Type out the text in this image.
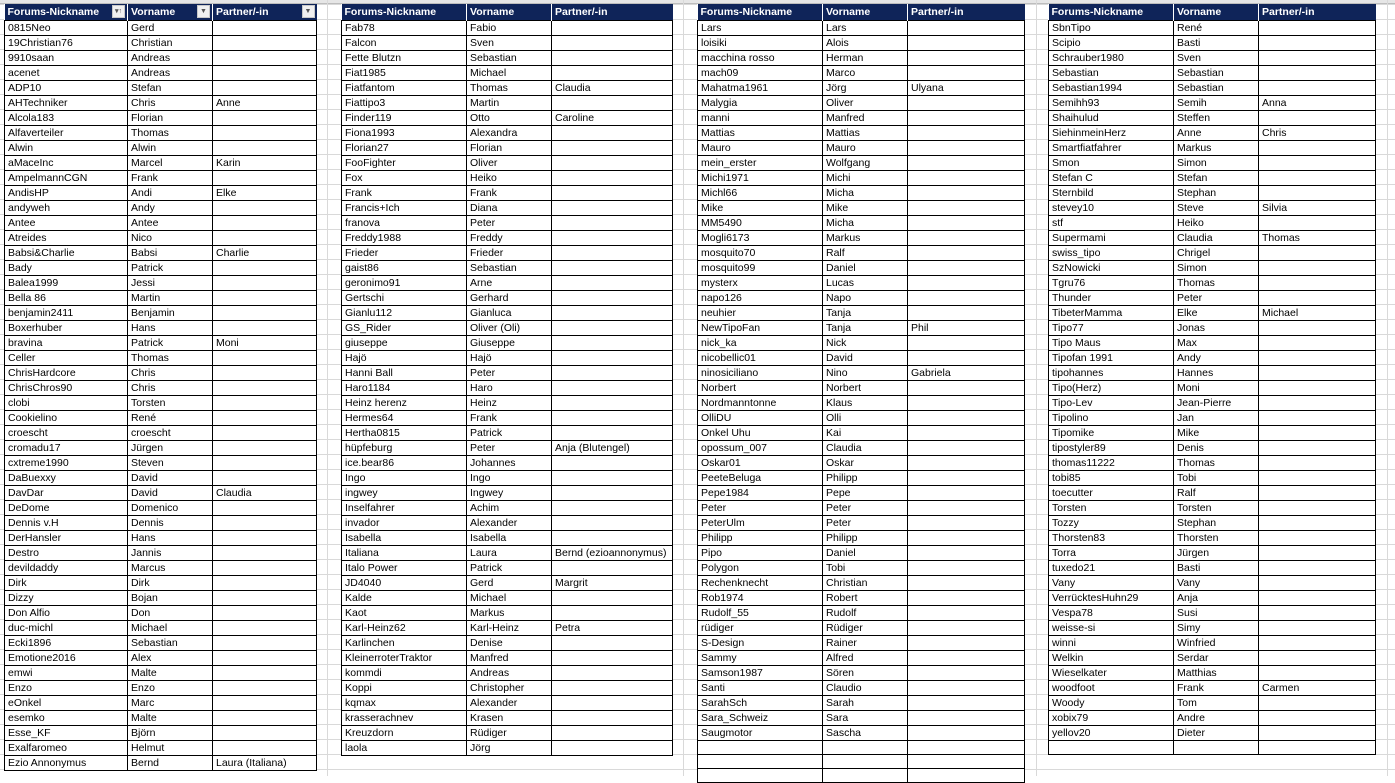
Forums-Nickname ▾↑	Vorname ▼	Partner/-in ▼

0815Neo	Gerd	
19Christian76	Christian	
9910saan	Andreas	
acenet	Andreas	
ADP10	Stefan	
AHTechniker	Chris	Anne
Alcola183	Florian	
Alfaverteiler	Thomas	
Alwin	Alwin	
aMaceInc	Marcel	Karin
AmpelmannCGN	Frank	
AndisHP	Andi	Elke
andyweh	Andy	
Antee	Antee	
Atreides	Nico	
Babsi&Charlie	Babsi	Charlie
Bady	Patrick	
Balea1999	Jessi	
Bella 86	Martin	
benjamin2411	Benjamin	
Boxerhuber	Hans	
bravina	Patrick	Moni
Celler	Thomas	
ChrisHardcore	Chris	
ChrisChros90	Chris	
clobi	Torsten	
Cookielino	René	
croescht	croescht	
cromadu17	Jürgen	
cxtreme1990	Steven	
DaBuexxy	David	
DavDar	David	Claudia
DeDome	Domenico	
Dennis v.H	Dennis	
DerHansler	Hans	
Destro	Jannis	
devildaddy	Marcus	
Dirk	Dirk	
Dizzy	Bojan	
Don Alfio	Don	
duc-michl	Michael	
Ecki1896	Sebastian	
Emotione2016	Alex	
emwi	Malte	
Enzo	Enzo	
eOnkel	Marc	
esemko	Malte	
Esse_KF	Björn	
Exalfaromeo	Helmut	
Ezio Annonymus	Bernd	Laura (Italiana)
Forums-Nickname	Vorname	Partner/-in
Fab78	Fabio	
Falcon	Sven	
Fette Blutzn	Sebastian	
Fiat1985	Michael	
Fiatfantom	Thomas	Claudia
Fiattipo3	Martin	
Finder119	Otto	Caroline
Fiona1993	Alexandra	
Florian27	Florian	
FooFighter	Oliver	
Fox	Heiko	
Frank	Frank	
Francis+Ich	Diana	
franova	Peter	
Freddy1988	Freddy	
Frieder	Frieder	
gaist86	Sebastian	
geronimo91	Arne	
Gertschi	Gerhard	
Gianlu112	Gianluca	
GS_Rider	Oliver (Oli)	
giuseppe	Giuseppe	
Hajö	Hajö	
Hanni Ball	Peter	
Haro1184	Haro	
Heinz herenz	Heinz	
Hermes64	Frank	
Hertha0815	Patrick	
hüpfeburg	Peter	Anja (Blutengel)
ice.bear86	Johannes	
Ingo	Ingo	
ingwey	Ingwey	
Inselfahrer	Achim	
invador	Alexander	
Isabella	Isabella	
Italiana	Laura	Bernd (ezioannonymus)
Italo Power	Patrick	
JD4040	Gerd	Margrit
Kalde	Michael	
Kaot	Markus	
Karl-Heinz62	Karl-Heinz	Petra
Karlinchen	Denise	
KleinerroterTraktor	Manfred	
kommdi	Andreas	
Koppi	Christopher	
kqmax	Alexander	
krasserachnev	Krasen	
Kreuzdorn	Rüdiger	
laola	Jörg	
Forums-Nickname	Vorname	Partner/-in
Lars	Lars	
loisiki	Alois	
macchina rosso	Herman	
mach09	Marco	
Mahatma1961	Jörg	Ulyana
Malygia	Oliver	
manni	Manfred	
Mattias	Mattias	
Mauro	Mauro	
mein_erster	Wolfgang	
Michi1971	Michi	
Michl66	Micha	
Mike	Mike	
MM5490	Micha	
Mogli6173	Markus	
mosquito70	Ralf	
mosquito99	Daniel	
mysterx	Lucas	
napo126	Napo	
neuhier	Tanja	
NewTipoFan	Tanja	Phil
nick_ka	Nick	
nicobellic01	David	
ninosiciliano	Nino	Gabriela
Norbert	Norbert	
Nordmanntonne	Klaus	
OlliDU	Olli	
Onkel Uhu	Kai	
opossum_007	Claudia	
Oskar01	Oskar	
PeeteBeluga	Philipp	
Pepe1984	Pepe	
Peter	Peter	
PeterUlm	Peter	
Philipp	Philipp	
Pipo	Daniel	
Polygon	Tobi	
Rechenknecht	Christian	
Rob1974	Robert	
Rudolf_55	Rudolf	
rüdiger	Rüdiger	
S-Design	Rainer	
Sammy	Alfred	
Samson1987	Sören	
Santi	Claudio	
SarahSch	Sarah	
Sara_Schweiz	Sara	
Saugmotor	Sascha	

Forums-Nickname	Vorname	Partner/-in
SbnTipo	René	
Scipio	Basti	
Schrauber1980	Sven	
Sebastian	Sebastian	
Sebastian1994	Sebastian	
Semihh93	Semih	Anna
Shaihulud	Steffen	
SiehinmeinHerz	Anne	Chris
Smartfiatfahrer	Markus	
Smon	Simon	
Stefan C	Stefan	
Sternbild	Stephan	
stevey10	Steve	Silvia
stf	Heiko	
Supermami	Claudia	Thomas
swiss_tipo	Chrigel	
SzNowicki	Simon	
Tgru76	Thomas	
Thunder	Peter	
TibeterMamma	Elke	Michael
Tipo77	Jonas	
Tipo Maus	Max	
Tipofan 1991	Andy	
tipohannes	Hannes	
Tipo(Herz)	Moni	
Tipo-Lev	Jean-Pierre	
Tipolino	Jan	
Tipomike	Mike	
tipostyler89	Denis	
thomas11222	Thomas	
tobi85	Tobi	
toecutter	Ralf	
Torsten	Torsten	
Tozzy	Stephan	
Thorsten83	Thorsten	
Torra	Jürgen	
tuxedo21	Basti	
Vany	Vany	
VerrücktesHuhn29	Anja	
Vespa78	Susi	
weisse-si	Simy	
winni	Winfried	
Welkin	Serdar	
Wieselkater	Matthias	
woodfoot	Frank	Carmen
Woody	Tom	
xobix79	Andre	
yellov20	Dieter	
